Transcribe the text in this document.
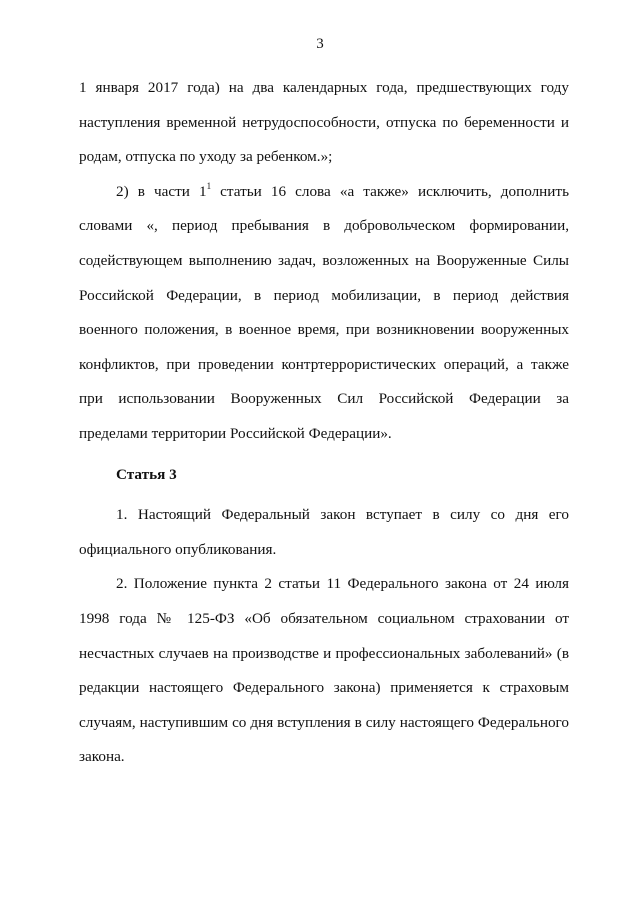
3

1 января 2017 года) на два календарных года, предшествующих году наступления временной нетрудоспособности, отпуска по беременности и родам, отпуска по уходу за ребенком.»;

2) в части $1^1$ статьи 16 слова «а также» исключить, дополнить словами «, период пребывания в добровольческом формировании, содействующем выполнению задач, возложенных на Вооруженные Силы Российской Федерации, в период мобилизации, в период действия военного положения, в военное время, при возникновении вооруженных конфликтов, при проведении контртеррористических операций, а также при использовании Вооруженных Сил Российской Федерации за пределами территории Российской Федерации».

Статья 3

1. Настоящий Федеральный закон вступает в силу со дня его официального опубликования.

2. Положение пункта 2 статьи 11 Федерального закона от 24 июля 1998 года № 125-ФЗ «Об обязательном социальном страховании от несчастных случаев на производстве и профессиональных заболеваний» (в редакции настоящего Федерального закона) применяется к страховым случаям, наступившим со дня вступления в силу настоящего Федерального закона.
